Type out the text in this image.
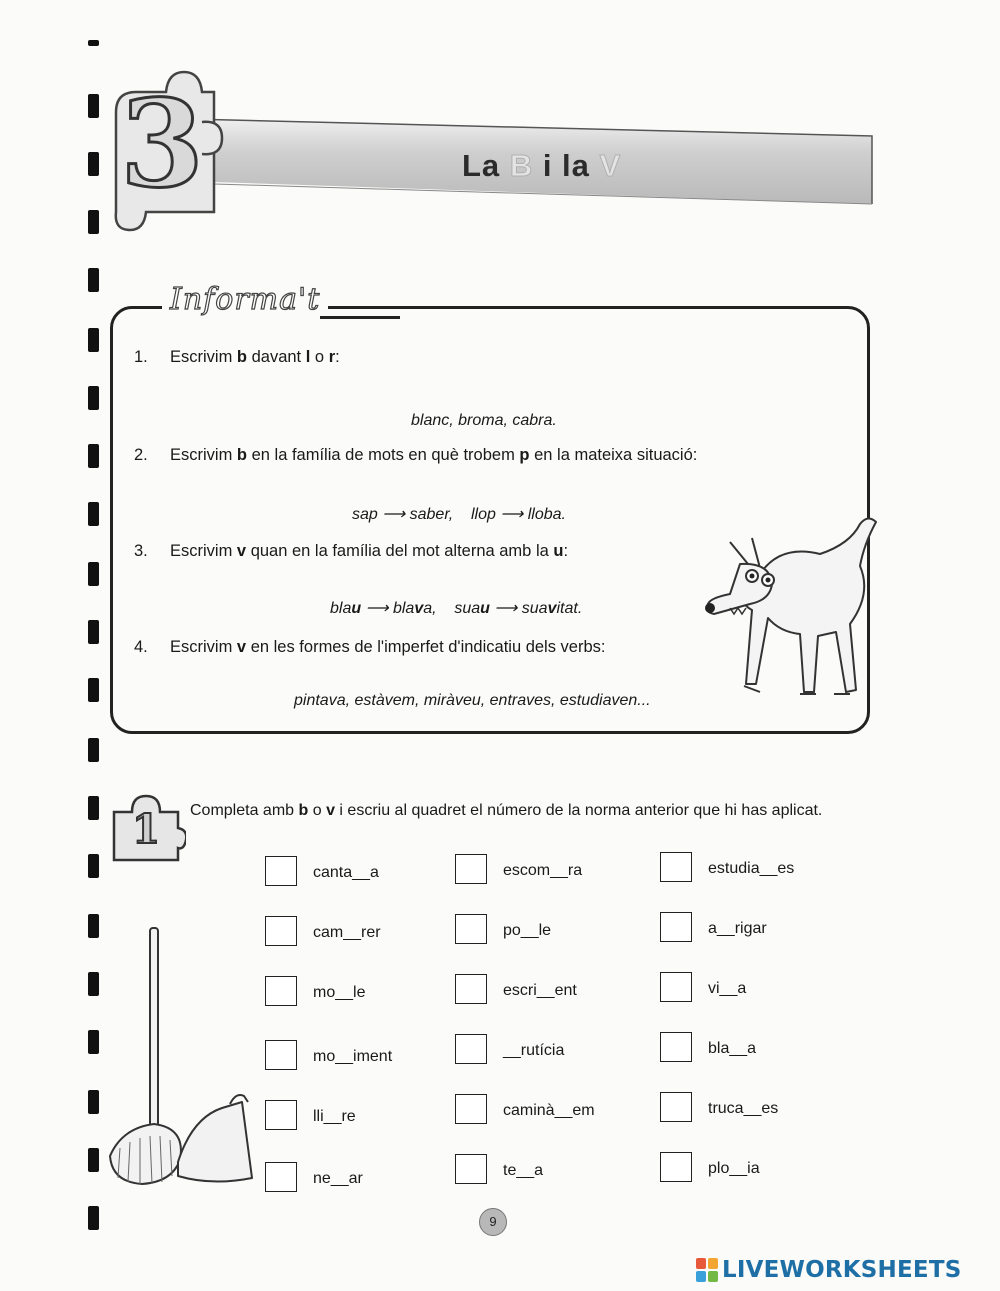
3	La B i la V
Informa't
1. Escrivim b davant l o r:
blanc, broma, cabra.
2. Escrivim b en la família de mots en què trobem p en la mateixa situació:
sap ⟶ saber, llop ⟶ lloba.
3. Escrivim v quan en la família del mot alterna amb la u:
blau ⟶ blava, suau ⟶ suavitat.
4. Escrivim v en les formes de l'imperfet d'indicatiu dels verbs:
pintava, estàvem, miràveu, entraves, estudiaven...
1	Completa amb b o v i escriu al quadret el número de la norma anterior que hi has aplicat.
canta__a
cam__rer
mo__le
mo__iment
lli__re
ne__ar
escom__ra
po__le
escri__ent
__rutícia
caminà__em
te__a
estudia__es
a__rigar
vi__a
bla__a
truca__es
plo__ia
9
LIVEWORKSHEETS
